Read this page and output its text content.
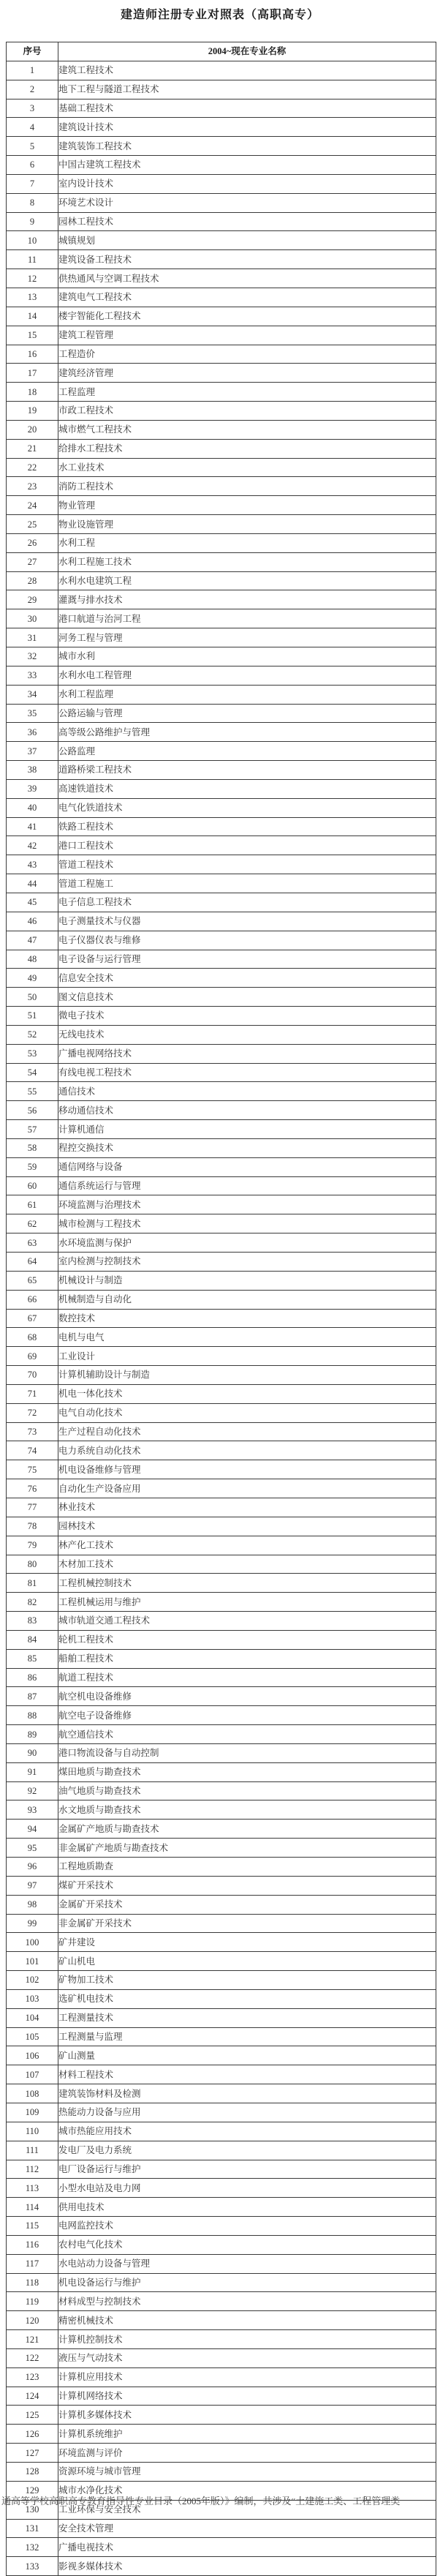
建造师注册专业对照表（高职高专）
序号	2004~现在专业名称
1	建筑工程技术
2	地下工程与隧道工程技术
3	基础工程技术
4	建筑设计技术
5	建筑装饰工程技术
6	中国古建筑工程技术
7	室内设计技术
8	环境艺术设计
9	园林工程技术
10	城镇规划
11	建筑设备工程技术
12	供热通风与空调工程技术
13	建筑电气工程技术
14	楼宇智能化工程技术
15	建筑工程管理
16	工程造价
17	建筑经济管理
18	工程监理
19	市政工程技术
20	城市燃气工程技术
21	给排水工程技术
22	水工业技术
23	消防工程技术
24	物业管理
25	物业设施管理
26	水利工程
27	水利工程施工技术
28	水利水电建筑工程
29	灌溉与排水技术
30	港口航道与治河工程
31	河务工程与管理
32	城市水利
33	水利水电工程管理
34	水利工程监理
35	公路运输与管理
36	高等级公路维护与管理
37	公路监理
38	道路桥梁工程技术
39	高速铁道技术
40	电气化铁道技术
41	铁路工程技术
42	港口工程技术
43	管道工程技术
44	管道工程施工
45	电子信息工程技术
46	电子测量技术与仪器
47	电子仪器仪表与维修
48	电子设备与运行管理
49	信息安全技术
50	图文信息技术
51	微电子技术
52	无线电技术
53	广播电视网络技术
54	有线电视工程技术
55	通信技术
56	移动通信技术
57	计算机通信
58	程控交换技术
59	通信网络与设备
60	通信系统运行与管理
61	环境监测与治理技术
62	城市检测与工程技术
63	水环境监测与保护
64	室内检测与控制技术
65	机械设计与制造
66	机械制造与自动化
67	数控技术
68	电机与电气
69	工业设计
70	计算机辅助设计与制造
71	机电一体化技术
72	电气自动化技术
73	生产过程自动化技术
74	电力系统自动化技术
75	机电设备维修与管理
76	自动化生产设备应用
77	林业技术
78	园林技术
79	林产化工技术
80	木材加工技术
81	工程机械控制技术
82	工程机械运用与维护
83	城市轨道交通工程技术
84	轮机工程技术
85	船舶工程技术
86	航道工程技术
87	航空机电设备维修
88	航空电子设备维修
89	航空通信技术
90	港口物流设备与自动控制
91	煤田地质与勘查技术
92	油气地质与勘查技术
93	水文地质与勘查技术
94	金属矿产地质与勘查技术
95	非金属矿产地质与勘查技术
96	工程地质勘查
97	煤矿开采技术
98	金属矿开采技术
99	非金属矿开采技术
100	矿井建设
101	矿山机电
102	矿物加工技术
103	选矿机电技术
104	工程测量技术
105	工程测量与监理
106	矿山测量
107	材料工程技术
108	建筑装饰材料及检测
109	热能动力设备与应用
110	城市热能应用技术
111	发电厂及电力系统
112	电厂设备运行与维护
113	小型水电站及电力网
114	供用电技术
115	电网监控技术
116	农村电气化技术
117	水电站动力设备与管理
118	机电设备运行与维护
119	材料成型与控制技术
120	精密机械技术
121	计算机控制技术
122	液压与气动技术
123	计算机应用技术
124	计算机网络技术
125	计算机多媒体技术
126	计算机系统维护
127	环境监测与评价
128	资源环境与城市管理
129	城市水净化技术
130	工业环保与安全技术
131	安全技术管理
132	广播电视技术
133	影视多媒体技术
通高等学校高职高专教育指导性专业目录（2005年版）》编制，共涉及“土建施工类、工程管理类
